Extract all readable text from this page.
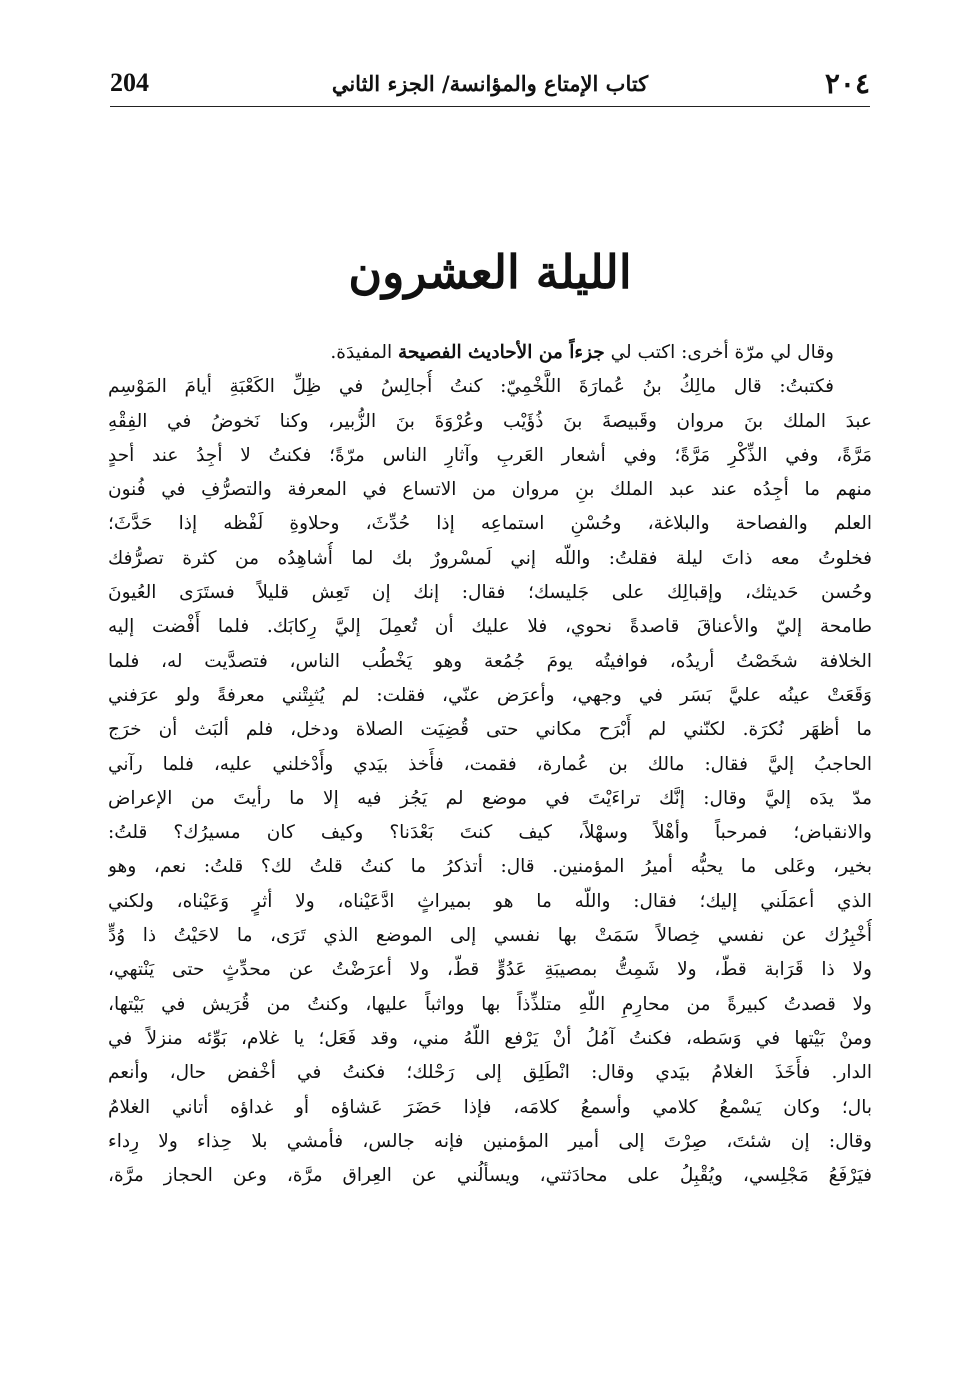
204	كتاب الإمتاع والمؤانسة/ الجزء الثاني	٢٠٤
الليلة العشرون
وقال لي مرّة أخرى: اكتب لي جزءاً من الأحاديث الفصيحة المفيدَة.
فكتبتُ: قال مالِكُ بنُ عُمارَةَ اللَّخْمِيّ: كنتُ أُجالِسُ في ظِلِّ الكَعْبَةِ أيامَ المَوْسِم
عبدَ الملك بنَ مروان وقَبيصةَ بنَ ذُؤَيْب وعُرْوَةَ بنَ الزُّبير، وكنا نَخوضُ في الفِقْهِ
مَرَّةً، وفي الذِّكْرِ مَرَّةً؛ وفي أشعار العَربِ وآثارِ الناس مرّةً؛ فكنتُ لا أجِدُ عند أحدٍ
منهم ما أجِدُه عند عبد الملك بنِ مروان من الاتساع في المعرفة والتصرُّفِ في فُنون
العلم والفصاحة والبلاغة، وحُسْنِ استماعِه إذا حُدِّثَ، وحلاوةِ لَفْظه إذا حَدَّثَ؛
فخلوتُ معه ذاتَ ليلة فقلتُ: واللّه إني لَمسْرورٌ بك لما أُشاهِدُه من كثرة تصرُّفك
وحُسن حَديثك، وإقبالِك على جَليسك؛ فقال: إنك إن تَعِش قليلاً فستَرَى العُيونَ
طامحة إليّ والأعناقَ قاصدةً نحوي، فلا عليك أن تُعمِلَ إليَّ رِكابَك. فلما أَفْضت إليه
الخلافة شخَصْتُ أريدُه، فوافيتُه يومَ جُمُعة وهو يَخْطُب الناس، فتصدَّيت له، فلما
وَقَعَتْ عينُه عليَّ بَسَر في وجهي، وأعرَض عنّي، فقلت: لم يُثبِتْني معرفةً ولو عرَفني
ما أظهَر نُكرَة. لكنّني لم أَبْرَح مكاني حتى قُضِيَت الصلاة ودخل، فلم ألبَث أن خرَج
الحاجبُ إليَّ فقال: مالك بن عُمارة، فقمت، فأَخذ بيَدي وأَدْخلني عليه، فلما رآني
مدّ يدَه إليَّ وقال: إنَّك تراءَيْتَ في موضع لم يَجُز فيه إلا ما رأيتَ من الإعراض
والانقباض؛ فمرحباً وأهْلاً وسهْلاً، كيف كنتَ بَعْدَنا؟ وكيف كان مسيرُك؟ قلتُ:
بخير، وعَلى ما يحبُّه أميرُ المؤمنين. قال: أتذكرُ ما كنتُ قلتُ لك؟ قلتُ: نعم، وهو
الذي أعمَلَني إليك؛ فقال: واللّه ما هو بميراثٍ ادَّعَيْناه، ولا أثرٍ وَعَيْناه، ولكني
أُخْبِرُك عن نفسي خِصالاً سَمَتْ بها نفسي إلى الموضع الذي تَرَى، ما لاحَيْتُ ذا وُدٍّ
ولا ذا قَرَابة قطّ، ولا شَمِتُّ بمصيبَةِ عَدُوٍّ قطّ، ولا أعرَضْتُ عن محدِّثٍ حتى يَنْتهي،
ولا قصدتُ كبيرةً من محارِمِ اللّهِ متلذِّذاً بها وواثباً عليها، وكنتُ من قُرَيش في بَيْتها،
ومنْ بَيْتها في وَسَطه، فكنتُ آمُلُ أنْ يَرْفع اللّهُ مني، وقد فَعَل؛ يا غلام، بَوِّئه منزلاً في
الدار. فأَخَذَ الغلامُ بيَدي وقال: انْطَلِق إلى رَحْلك؛ فكنتُ في أخْفض حال، وأنعم
بال؛ وكان يَسْمعُ كلامي وأسمعُ كلامَه، فإذا حَضَرَ عَشاؤه أو غداؤه أتاني الغلامُ
وقال: إن شئتَ، صِرْتَ إلى أمير المؤمنين فإنه جالس، فأمشي بلا حِذاء ولا رِداء
فيَرْفَعُ مَجْلِسي، ويُقْبِلُ على محادَثتي، ويسألُني عن العِراق مرَّة، وعن الحجاز مرَّة،
